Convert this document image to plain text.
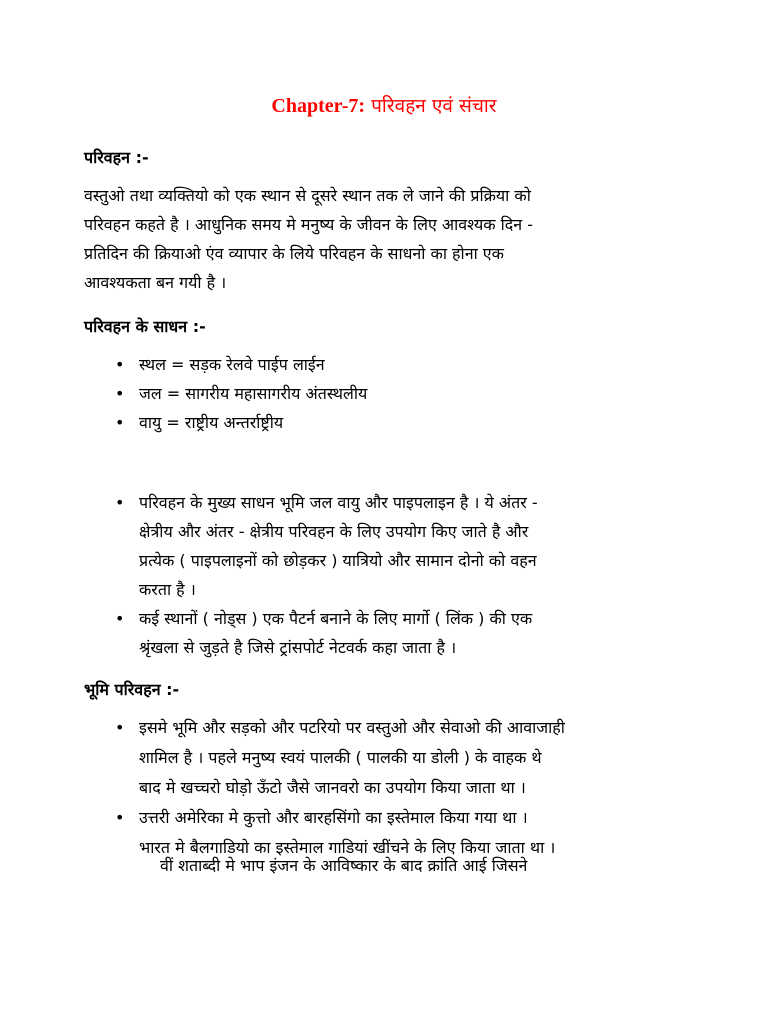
Chapter-7: परिवहन एवं संचार
परिवहन :-

वस्तुओ तथा व्यक्तियो को एक स्थान से दूसरे स्थान तक ले जाने की प्रक्रिया को
परिवहन कहते है । आधुनिक समय मे मनुष्य के जीवन के लिए आवश्यक दिन -
प्रतिदिन की क्रियाओ एंव व्यापार के लिये परिवहन के साधनो का होना एक
आवश्यकता बन गयी है ।

परिवहन के साधन :-
• स्थल = सड़क रेलवे पाईप लाईन
• जल = सागरीय महासागरीय अंतस्थलीय
• वायु = राष्ट्रीय अन्तर्राष्ट्रीय
• परिवहन के मुख्य साधन भूमि जल वायु और पाइपलाइन है । ये अंतर -
क्षेत्रीय और अंतर - क्षेत्रीय परिवहन के लिए उपयोग किए जाते है और
प्रत्येक ( पाइपलाइनों को छोड़कर ) यात्रियो और सामान दोनो को वहन
करता है ।
• कई स्थानों ( नोड्स ) एक पैटर्न बनाने के लिए मार्गो ( लिंक ) की एक
श्रृंखला से जुड़ते है जिसे ट्रांसपोर्ट नेटवर्क कहा जाता है ।
भूमि परिवहन :-
• इसमे भूमि और सड़को और पटरियो पर वस्तुओ और सेवाओ की आवाजाही
शामिल है । पहले मनुष्य स्वयं पालकी ( पालकी या डोली ) के वाहक थे
बाद मे खच्चरो घोड़ो ऊँटो जैसे जानवरो का उपयोग किया जाता था ।
• उत्तरी अमेरिका मे कुत्तो और बारहसिंगो का इस्तेमाल किया गया था ।
भारत मे बैलगाडियो का इस्तेमाल गाडियां खींचने के लिए किया जाता था ।
वीं शताब्दी मे भाप इंजन के आविष्कार के बाद क्रांति आई जिसने
